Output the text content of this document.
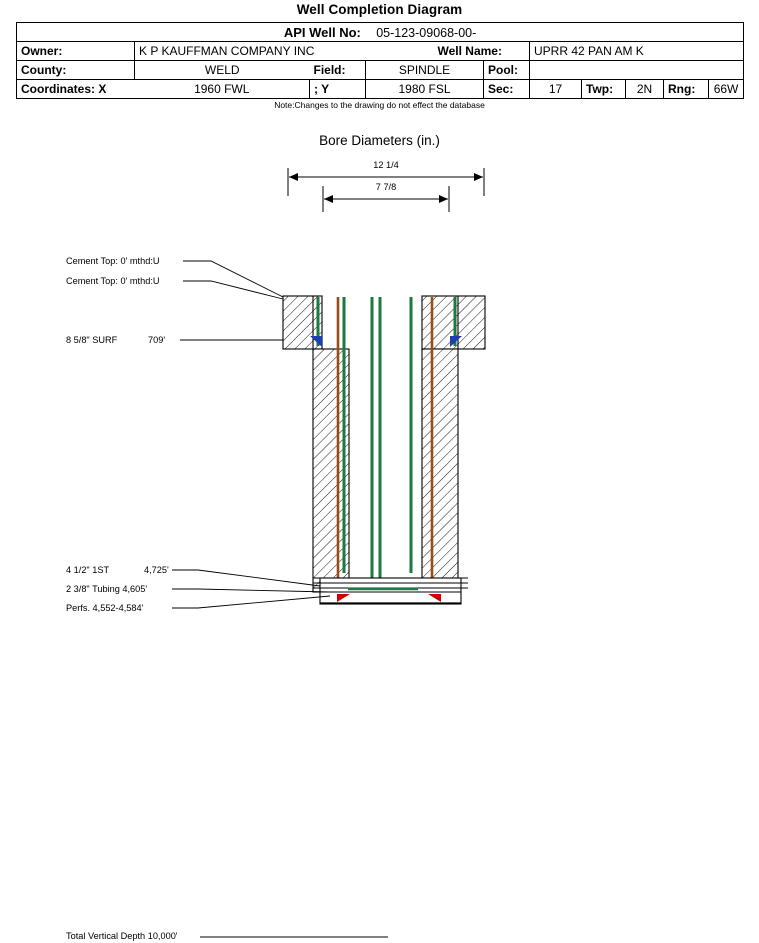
Well Completion Diagram
API Well No: 05-123-09068-00-										
Owner:	K P KAUFFMAN COMPANY INC			Well Name:		UPRR 42 PAN AM K				
County:	WELD	Field:	SPINDLE		Pool:					
Coordinates: X	1960 FWL	; Y	1980 FSL		Sec:	17	Twp:	2N	Rng:	66W
Note:Changes to the drawing do not effect the database
Bore Diameters (in.)
12 1/4
7 7/8
Cement Top: 0' mthd:U
Cement Top: 0' mthd:U
8 5/8" SURF	709'
4 1/2" 1ST	4,725'
2 3/8" Tubing 4,605'
Perfs. 4,552-4,584'
Total Vertical Depth 10,000'
